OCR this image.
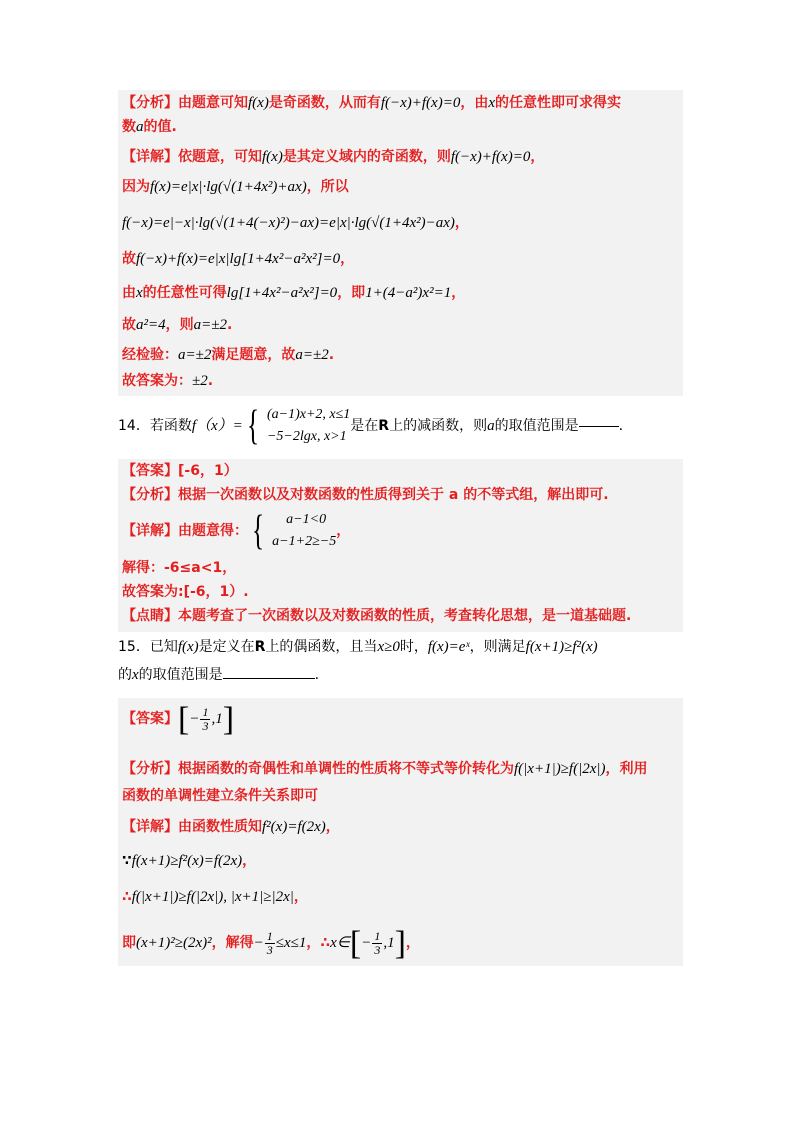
【分析】由题意可知f(x)是奇函数，从而有f(−x)+f(x)=0，由x的任意性即可求得实
数a的值.
【详解】依题意，可知f(x)是其定义域内的奇函数，则f(−x)+f(x)=0，
因为f(x)=e|x|·lg(√(1+4x²)+ax)，所以
f(−x)=e|−x|·lg(√(1+4(−x)²)−ax)=e|x|·lg(√(1+4x²)−ax)，
故f(−x)+f(x)=e|x|lg[1+4x²−a²x²]=0，
由x的任意性可得lg[1+4x²−a²x²]=0，即1+(4−a²)x²=1，
故a²=4，则a=±2.
经检验：a=±2满足题意，故a=±2.
故答案为：±2.
14．若函数 f（x）= { (a−1)x+2, x≤1
−5−2lgx, x>1
是在 R 上的减函数，则 a 的取值范围是	.
【答案】[-6，1）
【分析】根据一次函数以及对数函数的性质得到关于 a 的不等式组，解出即可.
【详解】 由题意得： {	a−1<0
a−1+2≥−5
，
解得：-6≤a<1，
故答案为:[-6，1）.
【点睛】本题考查了一次函数以及对数函数的性质，考查转化思想，是一道基础题.
15．已知f(x)是定义在R上的偶函数，且当x≥0时，f(x)=eˣ，则满足f(x+1)≥f²(x)
的x的取值范围是	.
【答案】 [ − $\frac{1}{3} ,1$ ]
【分析】根据函数的奇偶性和单调性的性质将不等式等价转化为f(|x+1|)≥f(|2x|)，利用
函数的单调性建立条件关系即可
【详解】由函数性质知f²(x)=f(2x)，
∵f(x+1)≥f²(x)=f(2x)，
∴f(|x+1|)≥f(|2x|), |x+1|≥|2x|，
即 (x+1)²≥(2x)² ，解得 − $\frac{1}{3} \le x\le 1$ ， ∴ x∈ [ − $\frac{1}{3} ,1$ ] ，
